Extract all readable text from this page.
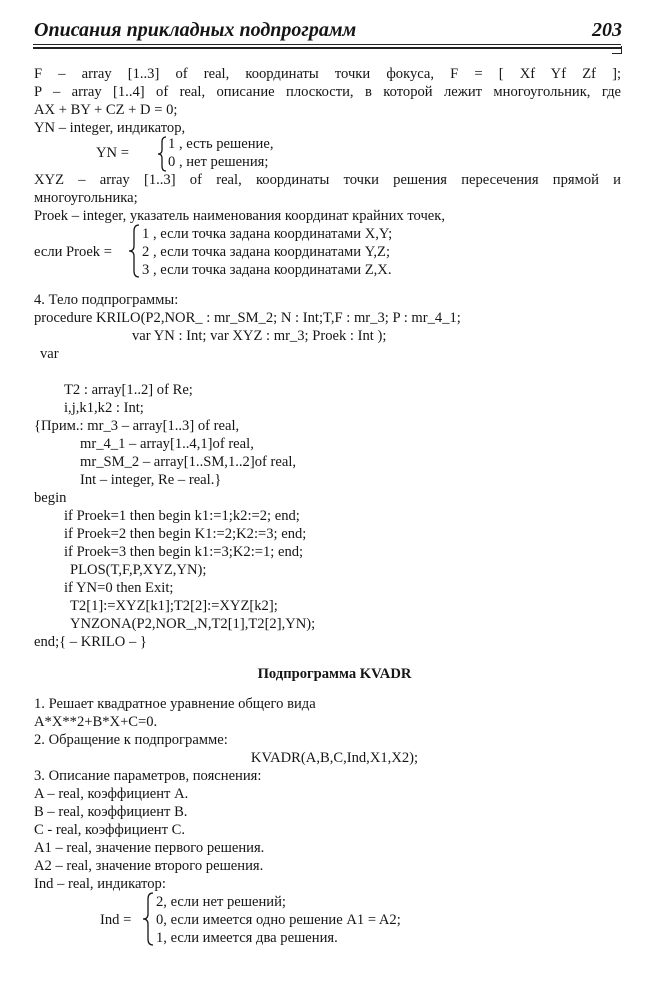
Описания прикладных подпрограмм	203
F – array [1..3] of real, координаты точки фокуса, F = [ Xf Yf Zf ];
P – array [1..4] of real, описание плоскости, в которой лежит многоугольник, где
AX + BY + CZ + D = 0;
YN – integer, индикатор,
YN =
1 , есть решение,
0 , нет решения;
XYZ – array [1..3] of real, координаты точки решения пересечения прямой и
многоугольника;
Proek – integer, указатель наименования координат крайних точек,
если Proek =
1 , если точка задана координатами X,Y;
2 , если точка задана координатами Y,Z;
3 , если точка задана координатами Z,X.
4. Тело подпрограммы:
procedure KRILO(P2,NOR_ : mr_SM_2; N : Int;T,F : mr_3; P : mr_4_1;
var YN : Int; var XYZ : mr_3; Proek : Int );
var
T2 : array[1..2] of Re;
i,j,k1,k2 : Int;
{Прим.: mr_3 – array[1..3] of real,
mr_4_1 – array[1..4,1]of real,
mr_SM_2 – array[1..SM,1..2]of real,
Int – integer, Re – real.}
begin
if Proek=1 then begin k1:=1;k2:=2; end;
if Proek=2 then begin K1:=2;K2:=3; end;
if Proek=3 then begin k1:=3;K2:=1; end;
PLOS(T,F,P,XYZ,YN);
if YN=0 then Exit;
T2[1]:=XYZ[k1];T2[2]:=XYZ[k2];
YNZONA(P2,NOR_,N,T2[1],T2[2],YN);
end;{ – KRILO – }
Подпрограмма KVADR
1. Решает квадратное уравнение общего вида
A*X**2+B*X+C=0.
2. Обращение к подпрограмме:
KVADR(A,B,C,Ind,X1,X2);
3. Описание параметров, пояснения:
A – real, коэффициент A.
B – real, коэффициент B.
C - real, коэффициент C.
A1 – real, значение первого решения.
A2 – real, значение второго решения.
Ind – real, индикатор:
Ind =
2, если нет решений;
0, если имеется одно решение A1 = A2;
1, если имеется два решения.
